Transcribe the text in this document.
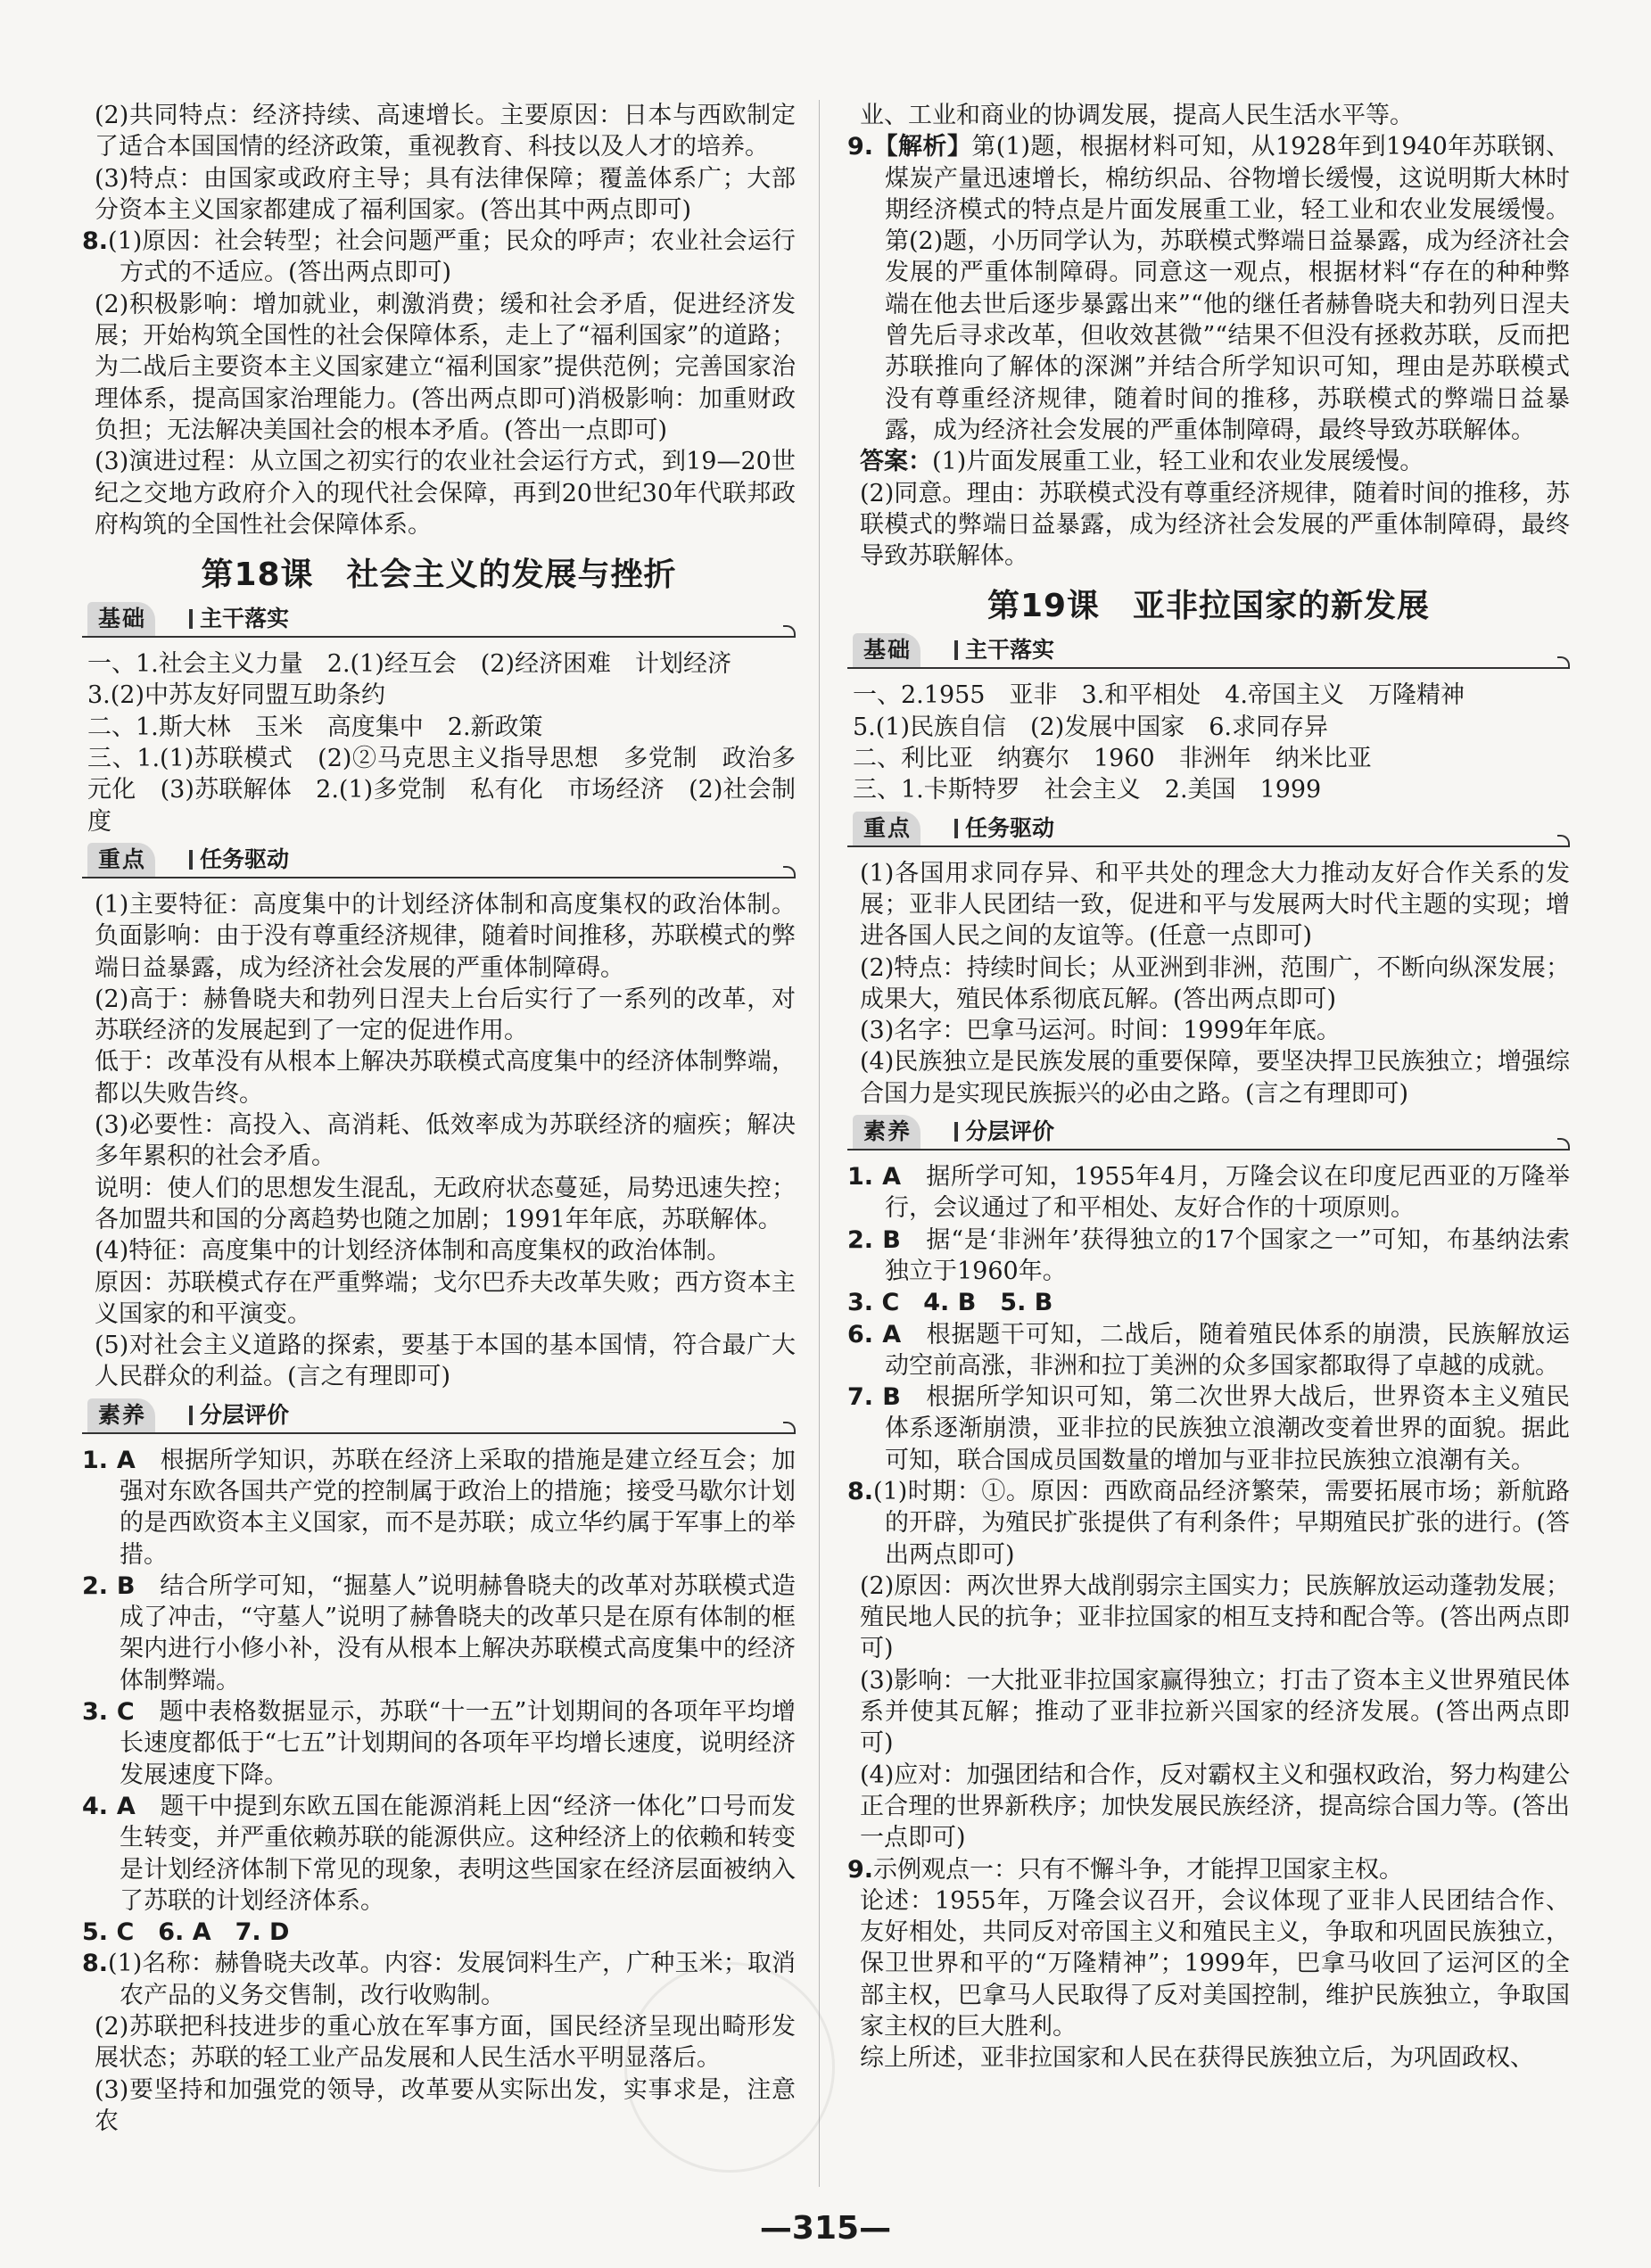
(2)共同特点：经济持续、高速增长。主要原因：日本与西欧制定了适合本国国情的经济政策，重视教育、科技以及人才的培养。

(3)特点：由国家或政府主导；具有法律保障；覆盖体系广；大部分资本主义国家都建成了福利国家。(答出其中两点即可)

8.(1)原因：社会转型；社会问题严重；民众的呼声；农业社会运行方式的不适应。(答出两点即可)

(2)积极影响：增加就业，刺激消费；缓和社会矛盾，促进经济发展；开始构筑全国性的社会保障体系，走上了“福利国家”的道路；为二战后主要资本主义国家建立“福利国家”提供范例；完善国家治理体系，提高国家治理能力。(答出两点即可)消极影响：加重财政负担；无法解决美国社会的根本矛盾。(答出一点即可)

(3)演进过程：从立国之初实行的农业社会运行方式，到19—20世纪之交地方政府介入的现代社会保障，再到20世纪30年代联邦政府构筑的全国性社会保障体系。

第18课　社会主义的发展与挫折
基础	主干落实

一、1.社会主义力量　2.(1)经互会　(2)经济困难　计划经济

3.(2)中苏友好同盟互助条约

二、1.斯大林　玉米　高度集中　2.新政策

三、1.(1)苏联模式　(2)②马克思主义指导思想　多党制　政治多元化　(3)苏联解体　2.(1)多党制　私有化　市场经济　(2)社会制度

重点	任务驱动

(1)主要特征：高度集中的计划经济体制和高度集权的政治体制。负面影响：由于没有尊重经济规律，随着时间推移，苏联模式的弊端日益暴露，成为经济社会发展的严重体制障碍。

(2)高于：赫鲁晓夫和勃列日涅夫上台后实行了一系列的改革，对苏联经济的发展起到了一定的促进作用。

低于：改革没有从根本上解决苏联模式高度集中的经济体制弊端，都以失败告终。

(3)必要性：高投入、高消耗、低效率成为苏联经济的痼疾；解决多年累积的社会矛盾。

说明：使人们的思想发生混乱，无政府状态蔓延，局势迅速失控；各加盟共和国的分离趋势也随之加剧；1991年年底，苏联解体。

(4)特征：高度集中的计划经济体制和高度集权的政治体制。

原因：苏联模式存在严重弊端；戈尔巴乔夫改革失败；西方资本主义国家的和平演变。

(5)对社会主义道路的探索，要基于本国的基本国情，符合最广大人民群众的利益。(言之有理即可)

素养	分层评价

1. A　 根据所学知识，苏联在经济上采取的措施是建立经互会；加强对东欧各国共产党的控制属于政治上的措施；接受马歇尔计划的是西欧资本主义国家，而不是苏联；成立华约属于军事上的举措。

2. B　 结合所学可知，“掘墓人”说明赫鲁晓夫的改革对苏联模式造成了冲击，“守墓人”说明了赫鲁晓夫的改革只是在原有体制的框架内进行小修小补，没有从根本上解决苏联模式高度集中的经济体制弊端。

3. C　 题中表格数据显示，苏联“十一五”计划期间的各项年平均增长速度都低于“七五”计划期间的各项年平均增长速度，说明经济发展速度下降。

4. A　 题干中提到东欧五国在能源消耗上因“经济一体化”口号而发生转变，并严重依赖苏联的能源供应。这种经济上的依赖和转变是计划经济体制下常见的现象，表明这些国家在经济层面被纳入了苏联的计划经济体系。

5. C　6. A　7. D

8.(1)名称：赫鲁晓夫改革。内容：发展饲料生产，广种玉米；取消农产品的义务交售制，改行收购制。

(2)苏联把科技进步的重心放在军事方面，国民经济呈现出畸形发展状态；苏联的轻工业产品发展和人民生活水平明显落后。

(3)要坚持和加强党的领导，改革要从实际出发，实事求是，注意农

业、工业和商业的协调发展，提高人民生活水平等。

9.【解析】第(1)题，根据材料可知，从1928年到1940年苏联钢、煤炭产量迅速增长，棉纺织品、谷物增长缓慢，这说明斯大林时期经济模式的特点是片面发展重工业，轻工业和农业发展缓慢。第(2)题，小历同学认为，苏联模式弊端日益暴露，成为经济社会发展的严重体制障碍。同意这一观点，根据材料“存在的种种弊端在他去世后逐步暴露出来”“他的继任者赫鲁晓夫和勃列日涅夫曾先后寻求改革，但收效甚微”“结果不但没有拯救苏联，反而把苏联推向了解体的深渊”并结合所学知识可知，理由是苏联模式没有尊重经济规律，随着时间的推移，苏联模式的弊端日益暴露，成为经济社会发展的严重体制障碍，最终导致苏联解体。

答案：(1)片面发展重工业，轻工业和农业发展缓慢。

(2)同意。理由：苏联模式没有尊重经济规律，随着时间的推移，苏联模式的弊端日益暴露，成为经济社会发展的严重体制障碍，最终导致苏联解体。

第19课　亚非拉国家的新发展
基础	主干落实

一、2.1955　亚非　3.和平相处　4.帝国主义　万隆精神

5.(1)民族自信　(2)发展中国家　6.求同存异

二、利比亚　纳赛尔　1960　非洲年　纳米比亚

三、1.卡斯特罗　社会主义　2.美国　1999

重点	任务驱动

(1)各国用求同存异、和平共处的理念大力推动友好合作关系的发展；亚非人民团结一致，促进和平与发展两大时代主题的实现；增进各国人民之间的友谊等。(任意一点即可)

(2)特点：持续时间长；从亚洲到非洲，范围广，不断向纵深发展；成果大，殖民体系彻底瓦解。(答出两点即可)

(3)名字：巴拿马运河。时间：1999年年底。

(4)民族独立是民族发展的重要保障，要坚决捍卫民族独立；增强综合国力是实现民族振兴的必由之路。(言之有理即可)

素养	分层评价

1. A　 据所学可知，1955年4月，万隆会议在印度尼西亚的万隆举行，会议通过了和平相处、友好合作的十项原则。

2. B　 据“是‘非洲年’获得独立的17个国家之一”可知，布基纳法索独立于1960年。

3. C　4. B　5. B

6. A　 根据题干可知，二战后，随着殖民体系的崩溃，民族解放运动空前高涨，非洲和拉丁美洲的众多国家都取得了卓越的成就。

7. B　 根据所学知识可知，第二次世界大战后，世界资本主义殖民体系逐渐崩溃，亚非拉的民族独立浪潮改变着世界的面貌。据此可知，联合国成员国数量的增加与亚非拉民族独立浪潮有关。

8.(1)时期：①。原因：西欧商品经济繁荣，需要拓展市场；新航路的开辟，为殖民扩张提供了有利条件；早期殖民扩张的进行。(答出两点即可)

(2)原因：两次世界大战削弱宗主国实力；民族解放运动蓬勃发展；殖民地人民的抗争；亚非拉国家的相互支持和配合等。(答出两点即可)

(3)影响：一大批亚非拉国家赢得独立；打击了资本主义世界殖民体系并使其瓦解；推动了亚非拉新兴国家的经济发展。(答出两点即可)

(4)应对：加强团结和合作，反对霸权主义和强权政治，努力构建公正合理的世界新秩序；加快发展民族经济，提高综合国力等。(答出一点即可)

9.示例观点一：只有不懈斗争，才能捍卫国家主权。

论述：1955年，万隆会议召开，会议体现了亚非人民团结合作、友好相处，共同反对帝国主义和殖民主义，争取和巩固民族独立，保卫世界和平的“万隆精神”；1999年，巴拿马收回了运河区的全部主权，巴拿马人民取得了反对美国控制，维护民族独立，争取国家主权的巨大胜利。

综上所述，亚非拉国家和人民在获得民族独立后，为巩固政权、

—315—
